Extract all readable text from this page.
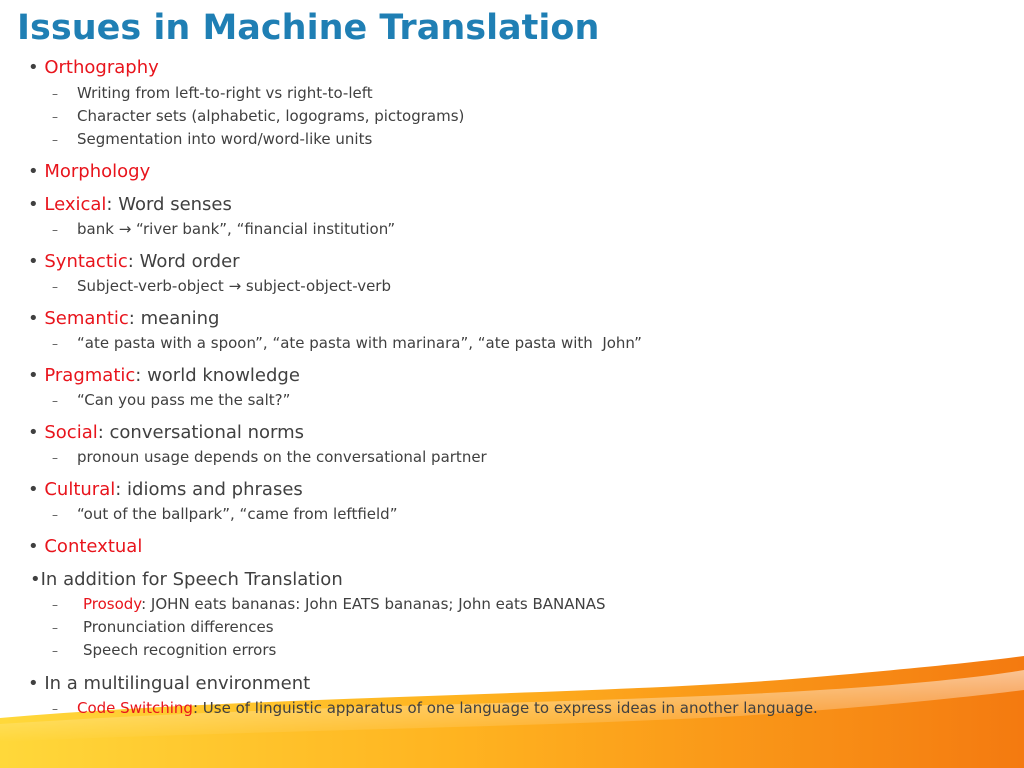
Issues in Machine Translation
• Orthography
– Writing from left-to-right vs right-to-left
– Character sets (alphabetic, logograms, pictograms)
– Segmentation into word/word-like units
• Morphology
• Lexical: Word senses
– bank → “river bank”, “financial institution”
• Syntactic: Word order
– Subject-verb-object → subject-object-verb
• Semantic: meaning
– “ate pasta with a spoon”, “ate pasta with marinara”, “ate pasta with  John”
• Pragmatic: world knowledge
– “Can you pass me the salt?”
• Social: conversational norms
– pronoun usage depends on the conversational partner
• Cultural: idioms and phrases
– “out of the ballpark”, “came from leftfield”
• Contextual
•In addition for Speech Translation
– Prosody: JOHN eats bananas: John EATS bananas; John eats BANANAS
– Pronunciation differences
– Speech recognition errors
• In a multilingual environment
– Code Switching: Use of linguistic apparatus of one language to express ideas in another language.
